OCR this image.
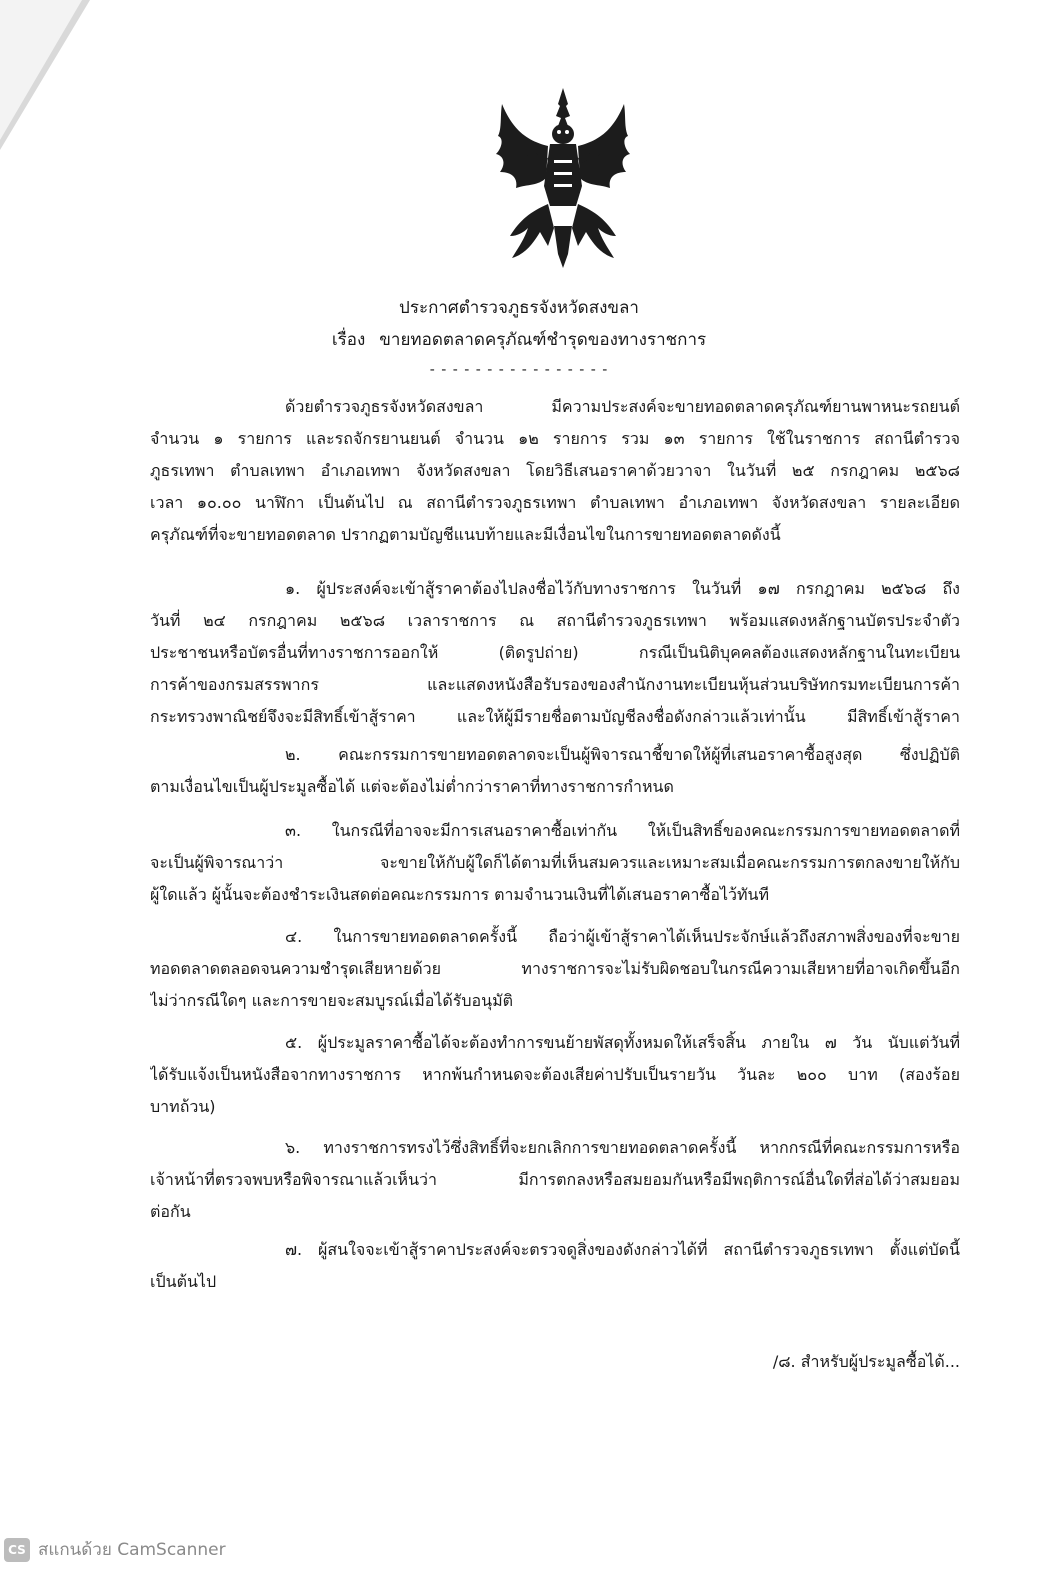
ประกาศตำรวจภูธรจังหวัดสงขลา
เรื่อง ขายทอดตลาดครุภัณฑ์ชำรุดของทางราชการ
- - - - - - - - - - - - - - - -
ด้วยตำรวจภูธรจังหวัดสงขลา มีความประสงค์จะขายทอดตลาดครุภัณฑ์ยานพาหนะรถยนต์
จำนวน ๑ รายการ และรถจักรยานยนต์ จำนวน ๑๒ รายการ รวม ๑๓ รายการ ใช้ในราชการ สถานีตำรวจ
ภูธรเทพา ตำบลเทพา อำเภอเทพา จังหวัดสงขลา โดยวิธีเสนอราคาด้วยวาจา ในวันที่ ๒๕ กรกฎาคม ๒๕๖๘
เวลา ๑๐.๐๐ นาฬิกา เป็นต้นไป ณ สถานีตำรวจภูธรเทพา ตำบลเทพา อำเภอเทพา จังหวัดสงขลา รายละเอียด
ครุภัณฑ์ที่จะขายทอดตลาด ปรากฏตามบัญชีแนบท้ายและมีเงื่อนไขในการขายทอดตลาดดังนี้
๑. ผู้ประสงค์จะเข้าสู้ราคาต้องไปลงชื่อไว้กับทางราชการ ในวันที่ ๑๗ กรกฎาคม ๒๕๖๘ ถึง
วันที่ ๒๔ กรกฎาคม ๒๕๖๘ เวลาราชการ ณ สถานีตำรวจภูธรเทพา พร้อมแสดงหลักฐานบัตรประจำตัว
ประชาชนหรือบัตรอื่นที่ทางราชการออกให้ (ติดรูปถ่าย) กรณีเป็นนิติบุคคลต้องแสดงหลักฐานในทะเบียน
การค้าของกรมสรรพากร และแสดงหนังสือรับรองของสำนักงานทะเบียนหุ้นส่วนบริษัทกรมทะเบียนการค้า
กระทรวงพาณิชย์จึงจะมีสิทธิ์เข้าสู้ราคา และให้ผู้มีรายชื่อตามบัญชีลงชื่อดังกล่าวแล้วเท่านั้น มีสิทธิ์เข้าสู้ราคา
๒. คณะกรรมการขายทอดตลาดจะเป็นผู้พิจารณาชี้ขาดให้ผู้ที่เสนอราคาซื้อสูงสุด ซึ่งปฏิบัติ
ตามเงื่อนไขเป็นผู้ประมูลซื้อได้ แต่จะต้องไม่ต่ำกว่าราคาที่ทางราชการกำหนด
๓. ในกรณีที่อาจจะมีการเสนอราคาซื้อเท่ากัน ให้เป็นสิทธิ์ของคณะกรรมการขายทอดตลาดที่
จะเป็นผู้พิจารณาว่า จะขายให้กับผู้ใดก็ได้ตามที่เห็นสมควรและเหมาะสมเมื่อคณะกรรมการตกลงขายให้กับ
ผู้ใดแล้ว ผู้นั้นจะต้องชำระเงินสดต่อคณะกรรมการ ตามจำนวนเงินที่ได้เสนอราคาซื้อไว้ทันที
๔. ในการขายทอดตลาดครั้งนี้ ถือว่าผู้เข้าสู้ราคาได้เห็นประจักษ์แล้วถึงสภาพสิ่งของที่จะขาย
ทอดตลาดตลอดจนความชำรุดเสียหายด้วย ทางราชการจะไม่รับผิดชอบในกรณีความเสียหายที่อาจเกิดขึ้นอีก
ไม่ว่ากรณีใดๆ และการขายจะสมบูรณ์เมื่อได้รับอนุมัติ
๕. ผู้ประมูลราคาซื้อได้จะต้องทำการขนย้ายพัสดุทั้งหมดให้เสร็จสิ้น ภายใน ๗ วัน นับแต่วันที่
ได้รับแจ้งเป็นหนังสือจากทางราชการ หากพ้นกำหนดจะต้องเสียค่าปรับเป็นรายวัน วันละ ๒๐๐ บาท (สองร้อย
บาทถ้วน)
๖. ทางราชการทรงไว้ซึ่งสิทธิ์ที่จะยกเลิกการขายทอดตลาดครั้งนี้ หากกรณีที่คณะกรรมการหรือ
เจ้าหน้าที่ตรวจพบหรือพิจารณาแล้วเห็นว่า มีการตกลงหรือสมยอมกันหรือมีพฤติการณ์อื่นใดที่ส่อได้ว่าสมยอม
ต่อกัน
๗. ผู้สนใจจะเข้าสู้ราคาประสงค์จะตรวจดูสิ่งของดังกล่าวได้ที่ สถานีตำรวจภูธรเทพา ตั้งแต่บัดนี้
เป็นต้นไป
/๘. สำหรับผู้ประมูลซื้อได้...
CS สแกนด้วย CamScanner
